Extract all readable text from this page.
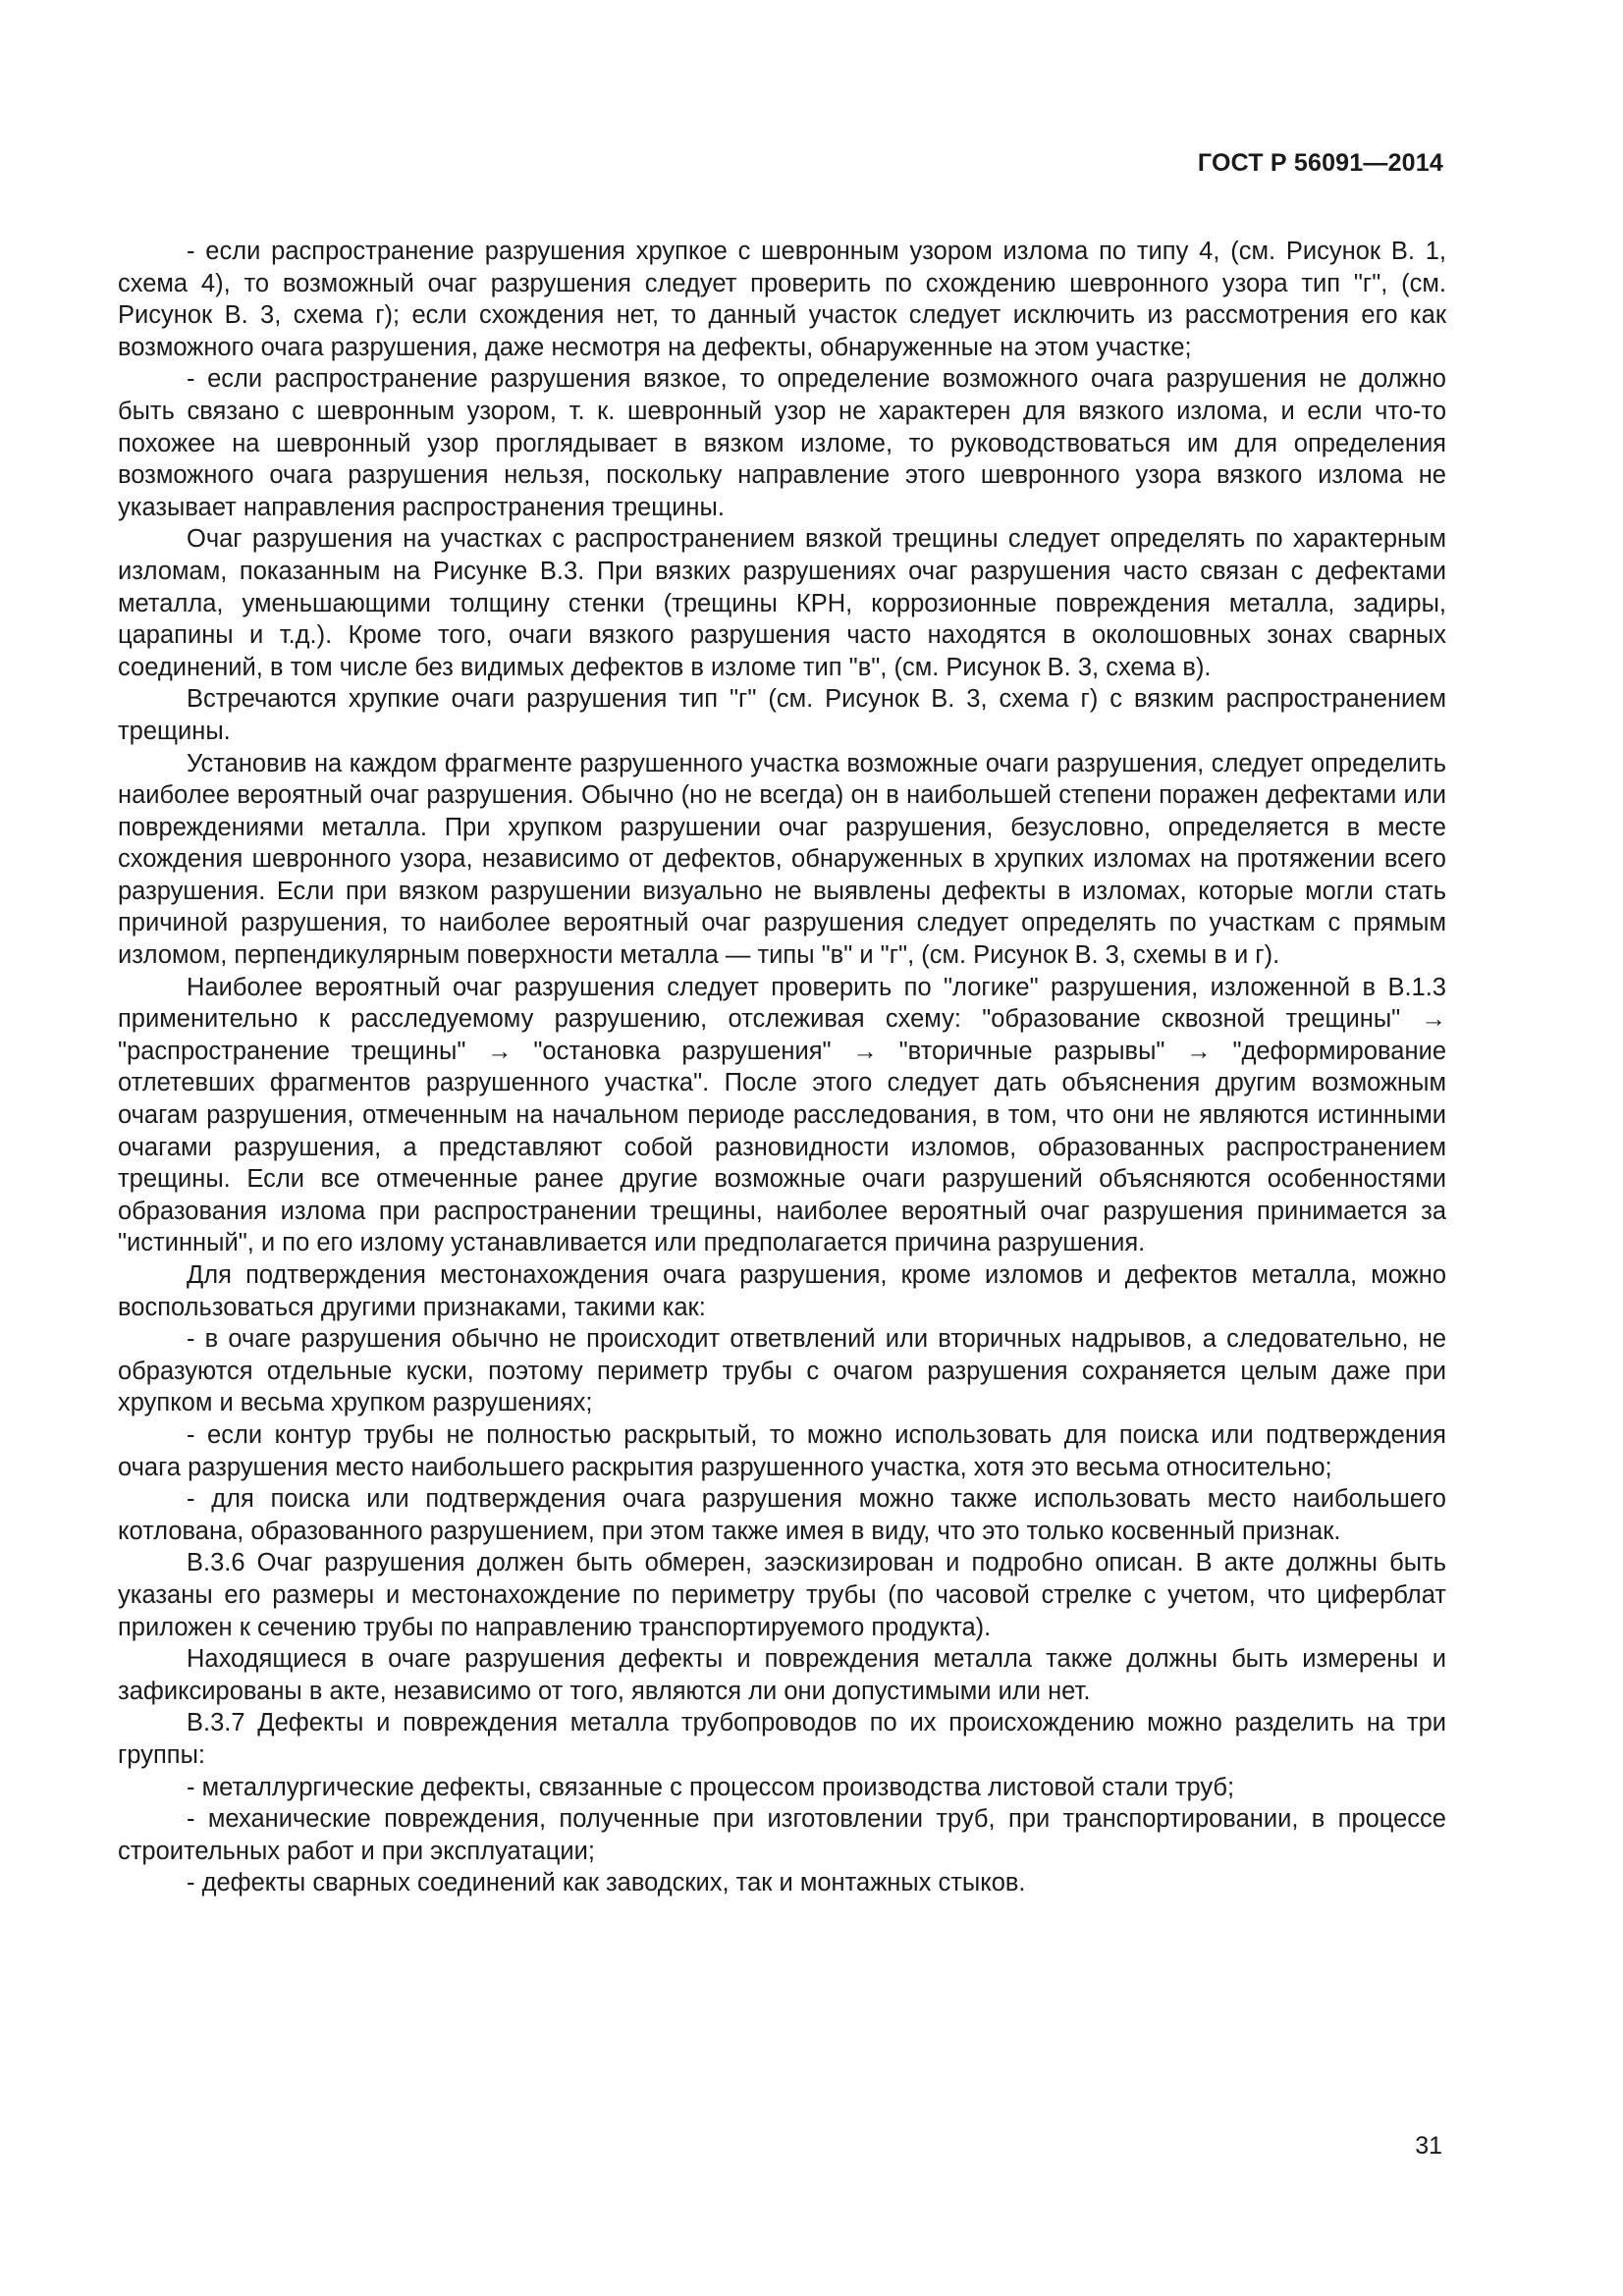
ГОСТ Р 56091—2014

- если распространение разрушения хрупкое с шевронным узором излома по типу 4, (см. Рисунок В. 1, схема 4), то возможный очаг разрушения следует проверить по схождению шевронного узора тип "г", (см. Рисунок В. 3, схема г); если схождения нет, то данный участок следует исключить из рассмотрения его как возможного очага разрушения, даже несмотря на дефекты, обнаруженные на этом участке;

- если распространение разрушения вязкое, то определение возможного очага разрушения не должно быть связано с шевронным узором, т. к. шевронный узор не характерен для вязкого излома, и если что-то похожее на шевронный узор проглядывает в вязком изломе, то руководствоваться им для определения возможного очага разрушения нельзя, поскольку направление этого шевронного узора вязкого излома не указывает направления распространения трещины.

Очаг разрушения на участках с распространением вязкой трещины следует определять по характерным изломам, показанным на Рисунке В.3. При вязких разрушениях очаг разрушения часто связан с дефектами металла, уменьшающими толщину стенки (трещины КРН, коррозионные повреждения металла, задиры, царапины и т.д.). Кроме того, очаги вязкого разрушения часто находятся в околошовных зонах сварных соединений, в том числе без видимых дефектов в изломе тип "в", (см. Рисунок В. 3, схема в).

Встречаются хрупкие очаги разрушения тип "г" (см. Рисунок В. 3, схема г) с вязким распространением трещины.

Установив на каждом фрагменте разрушенного участка возможные очаги разрушения, следует определить наиболее вероятный очаг разрушения. Обычно (но не всегда) он в наибольшей степени поражен дефектами или повреждениями металла. При хрупком разрушении очаг разрушения, безусловно, определяется в месте схождения шевронного узора, независимо от дефектов, обнаруженных в хрупких изломах на протяжении всего разрушения. Если при вязком разрушении визуально не выявлены дефекты в изломах, которые могли стать причиной разрушения, то наиболее вероятный очаг разрушения следует определять по участкам с прямым изломом, перпендикулярным поверхности металла — типы "в" и "г", (см. Рисунок В. 3, схемы в и г).

Наиболее вероятный очаг разрушения следует проверить по "логике" разрушения, изложенной в В.1.3 применительно к расследуемому разрушению, отслеживая схему: "образование сквозной трещины" → "распространение трещины" → "остановка разрушения" → "вторичные разрывы" → "деформирование отлетевших фрагментов разрушенного участка". После этого следует дать объяснения другим возможным очагам разрушения, отмеченным на начальном периоде расследования, в том, что они не являются истинными очагами разрушения, а представляют собой разновидности изломов, образованных распространением трещины. Если все отмеченные ранее другие возможные очаги разрушений объясняются особенностями образования излома при распространении трещины, наиболее вероятный очаг разрушения принимается за "истинный", и по его излому устанавливается или предполагается причина разрушения.

Для подтверждения местонахождения очага разрушения, кроме изломов и дефектов металла, можно воспользоваться другими признаками, такими как:

- в очаге разрушения обычно не происходит ответвлений или вторичных надрывов, а следовательно, не образуются отдельные куски, поэтому периметр трубы с очагом разрушения сохраняется целым даже при хрупком и весьма хрупком разрушениях;

- если контур трубы не полностью раскрытый, то можно использовать для поиска или подтверждения очага разрушения место наибольшего раскрытия разрушенного участка, хотя это весьма относительно;

- для поиска или подтверждения очага разрушения можно также использовать место наибольшего котлована, образованного разрушением, при этом также имея в виду, что это только косвенный признак.

В.3.6 Очаг разрушения должен быть обмерен, заэскизирован и подробно описан. В акте должны быть указаны его размеры и местонахождение по периметру трубы (по часовой стрелке с учетом, что циферблат приложен к сечению трубы по направлению транспортируемого продукта).

Находящиеся в очаге разрушения дефекты и повреждения металла также должны быть измерены и зафиксированы в акте, независимо от того, являются ли они допустимыми или нет.

В.3.7 Дефекты и повреждения металла трубопроводов по их происхождению можно разделить на три группы:

- металлургические дефекты, связанные с процессом производства листовой стали труб;

- механические повреждения, полученные при изготовлении труб, при транспортировании, в процессе строительных работ и при эксплуатации;

- дефекты сварных соединений как заводских, так и монтажных стыков.

31
